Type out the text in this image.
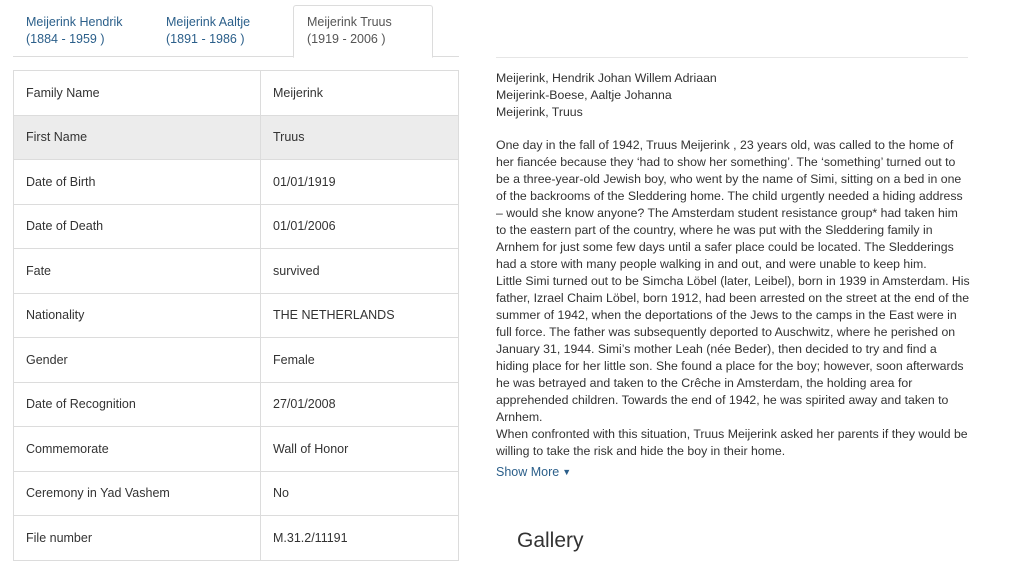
Meijerink Hendrik
(1884 - 1959 )
Meijerink Aaltje
(1891 - 1986 )
Meijerink Truus
(1919 - 2006 )
Family Name	Meijerink
First Name	Truus
Date of Birth	01/01/1919
Date of Death	01/01/2006
Fate	survived
Nationality	THE NETHERLANDS
Gender	Female
Date of Recognition	27/01/2008
Commemorate	Wall of Honor
Ceremony in Yad Vashem	No
File number	M.31.2/11191
Meijerink, Hendrik Johan Willem Adriaan
Meijerink-Boese, Aaltje Johanna
Meijerink, Truus

One day in the fall of 1942, Truus Meijerink , 23 years old, was called to the home of her fiancée because they ‘had to show her something’. The ‘something’ turned out to be a three-year-old Jewish boy, who went by the name of Simi, sitting on a bed in one of the backrooms of the Sleddering home. The child urgently needed a hiding address – would she know anyone? The Amsterdam student resistance group* had taken him to the eastern part of the country, where he was put with the Sleddering family in Arnhem for just some few days until a safer place could be located. The Sledderings had a store with many people walking in and out, and were unable to keep him.

Little Simi turned out to be Simcha Löbel (later, Leibel), born in 1939 in Amsterdam. His father, Izrael Chaim Löbel, born 1912, had been arrested on the street at the end of the summer of 1942, when the deportations of the Jews to the camps in the East were in full force. The father was subsequently deported to Auschwitz, where he perished on January 31, 1944. Simi’s mother Leah (née Beder), then decided to try and find a hiding place for her little son. She found a place for the boy; however, soon afterwards he was betrayed and taken to the Crêche in Amsterdam, the holding area for apprehended children. Towards the end of 1942, he was spirited away and taken to Arnhem.

When confronted with this situation, Truus Meijerink asked her parents if they would be willing to take the risk and hide the boy in their home.

Show More ▼
Gallery
